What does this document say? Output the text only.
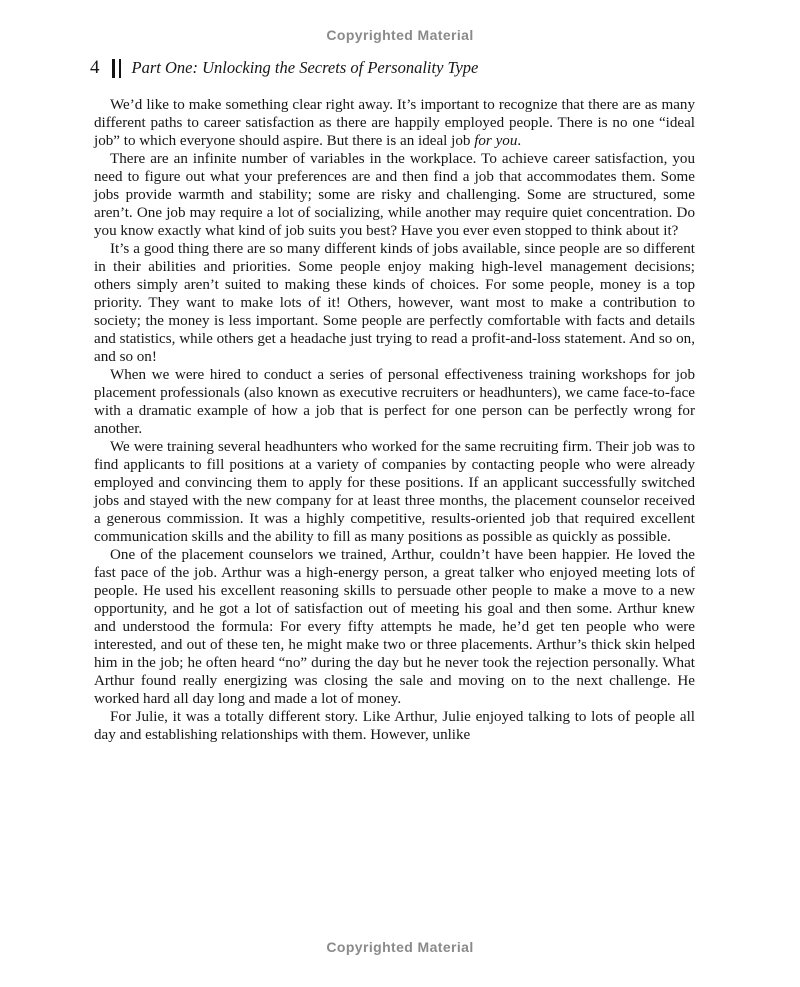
Copyrighted Material
4 Part One: Unlocking the Secrets of Personality Type

We’d like to make something clear right away. It’s important to recognize that there are as many different paths to career satisfaction as there are happily employed people. There is no one “ideal job” to which everyone should aspire. But there is an ideal job for you.

There are an infinite number of variables in the workplace. To achieve career satisfaction, you need to figure out what your preferences are and then find a job that accommodates them. Some jobs provide warmth and stability; some are risky and challenging. Some are structured, some aren’t. One job may require a lot of socializing, while another may require quiet concentration. Do you know exactly what kind of job suits you best? Have you ever even stopped to think about it?

It’s a good thing there are so many different kinds of jobs available, since people are so different in their abilities and priorities. Some people enjoy making high-level management decisions; others simply aren’t suited to making these kinds of choices. For some people, money is a top priority. They want to make lots of it! Others, however, want most to make a contribution to society; the money is less important. Some people are perfectly comfortable with facts and details and statistics, while others get a headache just trying to read a profit-and-loss statement. And so on, and so on!

When we were hired to conduct a series of personal effectiveness training workshops for job placement professionals (also known as executive recruiters or headhunters), we came face-to-face with a dramatic example of how a job that is perfect for one person can be perfectly wrong for another.

We were training several headhunters who worked for the same recruiting firm. Their job was to find applicants to fill positions at a variety of companies by contacting people who were already employed and convincing them to apply for these positions. If an applicant successfully switched jobs and stayed with the new company for at least three months, the placement counselor received a generous commission. It was a highly competitive, results-oriented job that required excellent communication skills and the ability to fill as many positions as possible as quickly as possible.

One of the placement counselors we trained, Arthur, couldn’t have been happier. He loved the fast pace of the job. Arthur was a high-energy person, a great talker who enjoyed meeting lots of people. He used his excellent reasoning skills to persuade other people to make a move to a new opportunity, and he got a lot of satisfaction out of meeting his goal and then some. Arthur knew and understood the formula: For every fifty attempts he made, he’d get ten people who were interested, and out of these ten, he might make two or three placements. Arthur’s thick skin helped him in the job; he often heard “no” during the day but he never took the rejection personally. What Arthur found really energizing was closing the sale and moving on to the next challenge. He worked hard all day long and made a lot of money.

For Julie, it was a totally different story. Like Arthur, Julie enjoyed talking to lots of people all day and establishing relationships with them. However, unlike

Copyrighted Material
